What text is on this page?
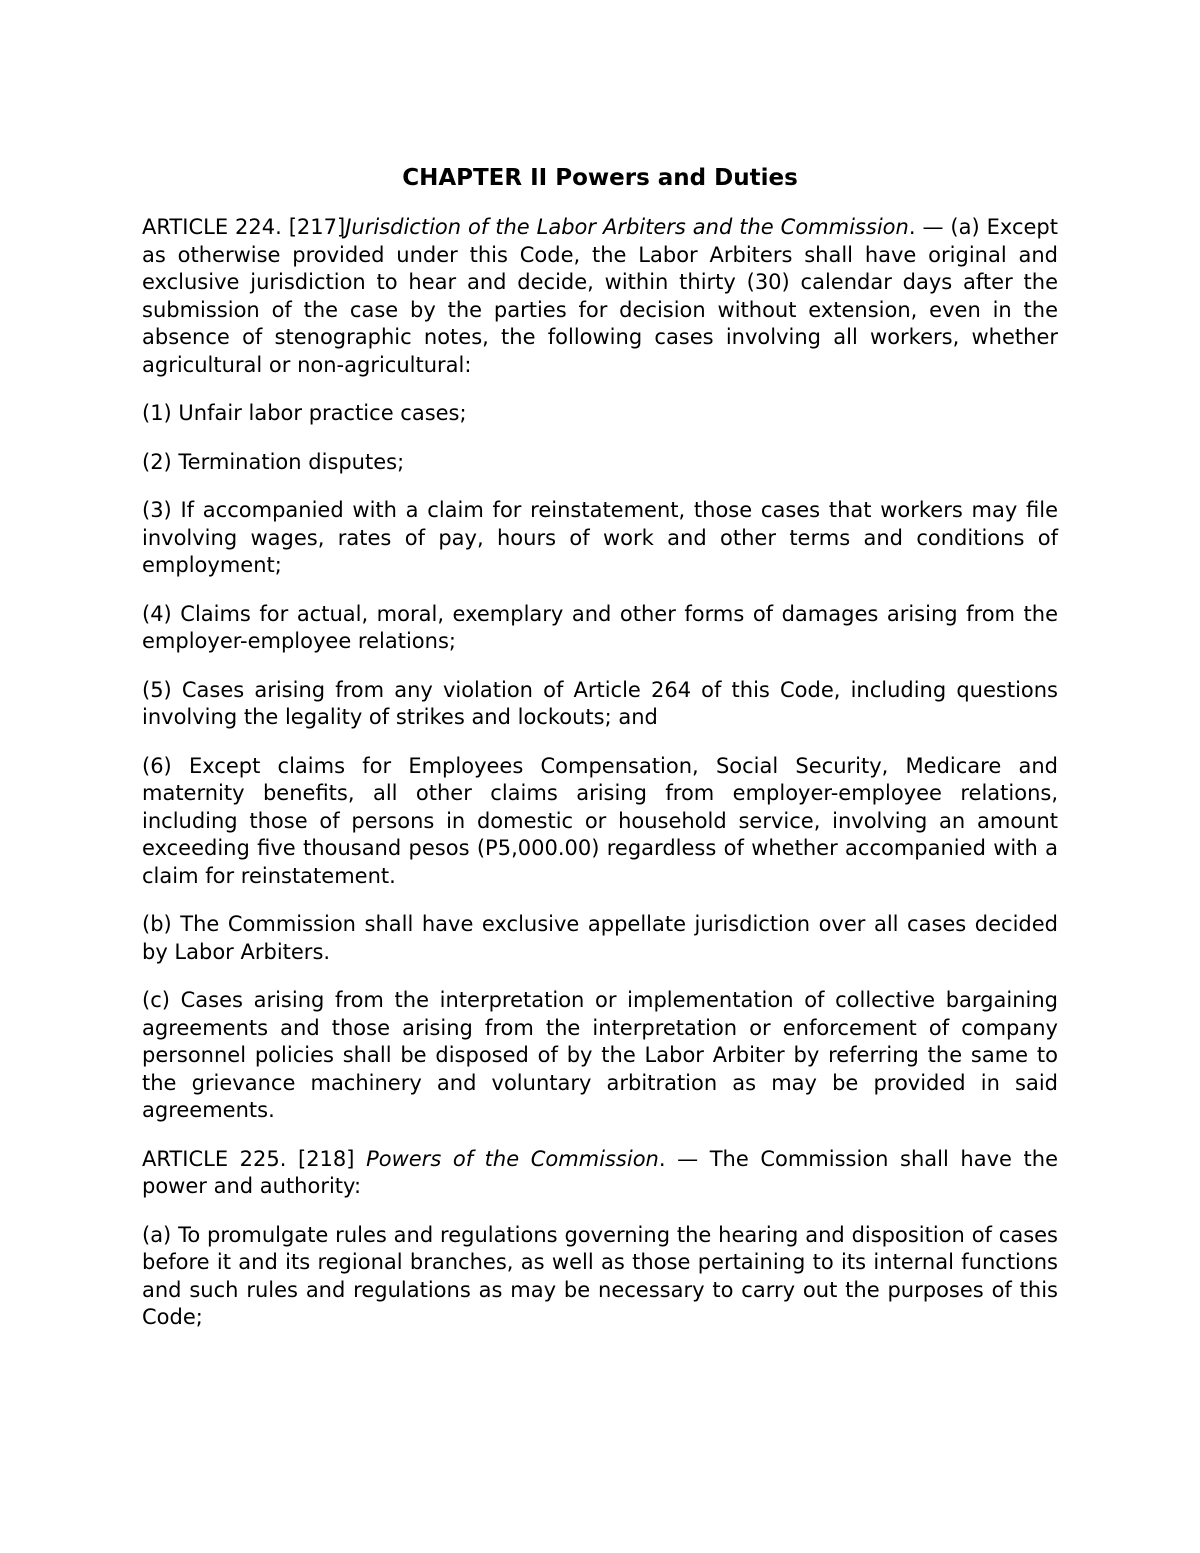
CHAPTER II Powers and Duties

ARTICLE 224. [217]Jurisdiction of the Labor Arbiters and the Commission. — (a) Except as otherwise provided under this Code, the Labor Arbiters shall have original and exclusive jurisdiction to hear and decide, within thirty (30) calendar days after the submission of the case by the parties for decision without extension, even in the absence of stenographic notes, the following cases involving all workers, whether agricultural or non-agricultural:

(1) Unfair labor practice cases;

(2) Termination disputes;

(3) If accompanied with a claim for reinstatement, those cases that workers may file involving wages, rates of pay, hours of work and other terms and conditions of employment;

(4) Claims for actual, moral, exemplary and other forms of damages arising from the employer-employee relations;

(5) Cases arising from any violation of Article 264 of this Code, including questions involving the legality of strikes and lockouts; and

(6) Except claims for Employees Compensation, Social Security, Medicare and maternity benefits, all other claims arising from employer-employee relations, including those of persons in domestic or household service, involving an amount exceeding five thousand pesos (P5,000.00) regardless of whether accompanied with a claim for reinstatement.

(b) The Commission shall have exclusive appellate jurisdiction over all cases decided by Labor Arbiters.

(c) Cases arising from the interpretation or implementation of collective bargaining agreements and those arising from the interpretation or enforcement of company personnel policies shall be disposed of by the Labor Arbiter by referring the same to the grievance machinery and voluntary arbitration as may be provided in said agreements.

ARTICLE 225. [218] Powers of the Commission. — The Commission shall have the power and authority:

(a) To promulgate rules and regulations governing the hearing and disposition of cases before it and its regional branches, as well as those pertaining to its internal functions and such rules and regulations as may be necessary to carry out the purposes of this Code;
